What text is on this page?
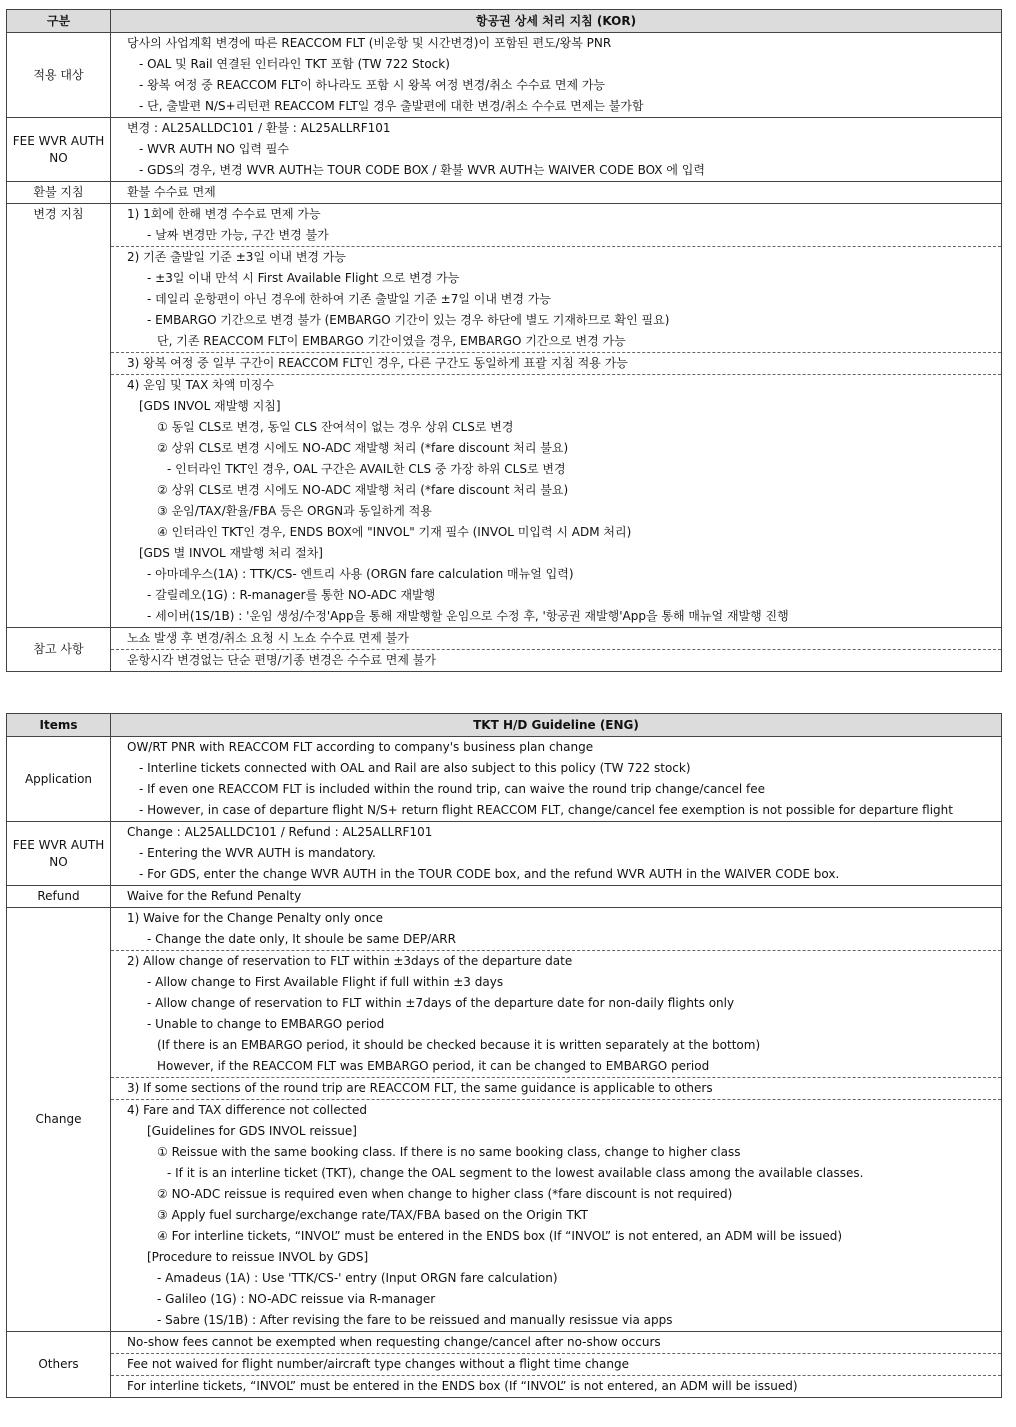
구분	항공권 상세 처리 지침 (KOR)
적용 대상	당사의 사업계획 변경에 따른 REACCOM FLT (비운항 및 시간변경)이 포함된 편도/왕복 PNR
	- OAL 및 Rail 연결된 인터라인 TKT 포함 (TW 722 Stock)
	- 왕복 여정 중 REACCOM FLT이 하나라도 포함 시 왕복 여정 변경/취소 수수료 면제 가능
	- 단, 출발편 N/S+리턴편 REACCOM FLT일 경우 출발편에 대한 변경/취소 수수료 면제는 불가함
FEE WVR AUTH NO	변경 : AL25ALLDC101 / 환불 : AL25ALLRF101
	- WVR AUTH NO 입력 필수
	- GDS의 경우, 변경 WVR AUTH는 TOUR CODE BOX / 환불 WVR AUTH는 WAIVER CODE BOX 에 입력
환불 지침	환불 수수료 면제
변경 지침	1) 1회에 한해 변경 수수료 면제 가능
	- 날짜 변경만 가능, 구간 변경 불가
	2) 기존 출발일 기준 ±3일 이내 변경 가능
	- ±3일 이내 만석 시 First Available Flight 으로 변경 가능
	- 데일리 운항편이 아닌 경우에 한하여 기존 출발일 기준 ±7일 이내 변경 가능
	- EMBARGO 기간으로 변경 불가 (EMBARGO 기간이 있는 경우 하단에 별도 기재하므로 확인 필요)
	단, 기존 REACCOM FLT이 EMBARGO 기간이였을 경우, EMBARGO 기간으로 변경 가능
	3) 왕복 여정 중 일부 구간이 REACCOM FLT인 경우, 다른 구간도 동일하게 표괄 지침 적용 가능
	4) 운임 및 TAX 차액 미징수
	[GDS INVOL 재발행 지침]
	① 동일 CLS로 변경, 동일 CLS 잔여석이 없는 경우 상위 CLS로 변경
	② 상위 CLS로 변경 시에도 NO-ADC 재발행 처리 (*fare discount 처리 불요)
	- 인터라인 TKT인 경우, OAL 구간은 AVAIL한 CLS 중 가장 하위 CLS로 변경
	② 상위 CLS로 변경 시에도 NO-ADC 재발행 처리 (*fare discount 처리 불요)
	③ 운임/TAX/환율/FBA 등은 ORGN과 동일하게 적용
	④ 인터라인 TKT인 경우, ENDS BOX에 "INVOL" 기재 필수 (INVOL 미입력 시 ADM 처리)
	[GDS 별 INVOL 재발행 처리 절차]
	- 아마데우스(1A) : TTK/CS- 엔트리 사용 (ORGN fare calculation 매뉴얼 입력)
	- 갈릴레오(1G) : R-manager를 통한 NO-ADC 재발행
	- 세이버(1S/1B) : '운임 생성/수정'App을 통해 재발행할 운임으로 수정 후, '항공권 재발행'App을 통해 매뉴얼 재발행 진행
참고 사항	노쇼 발생 후 변경/취소 요청 시 노쇼 수수료 면제 불가
	운항시각 변경없는 단순 편명/기종 변경은 수수료 면제 불가
Items	TKT H/D Guideline (ENG)
Application	OW/RT PNR with REACCOM FLT according to company's business plan change
	- Interline tickets connected with OAL and Rail are also subject to this policy (TW 722 stock)
	- If even one REACCOM FLT is included within the round trip, can waive the round trip change/cancel fee
	- However, in case of departure flight N/S+ return flight REACCOM FLT, change/cancel fee exemption is not possible for departure flight
FEE WVR AUTH NO	Change : AL25ALLDC101 / Refund : AL25ALLRF101
	- Entering the WVR AUTH is mandatory.
	- For GDS, enter the change WVR AUTH in the TOUR CODE box, and the refund WVR AUTH in the WAIVER CODE box.
Refund	Waive for the Refund Penalty
Change	1) Waive for the Change Penalty only once
	- Change the date only, It shoule be same DEP/ARR
	2) Allow change of reservation to FLT within ±3days of the departure date
	- Allow change to First Available Flight if full within ±3 days
	- Allow change of reservation to FLT within ±7days of the departure date for non-daily flights only
	- Unable to change to EMBARGO period
	(If there is an EMBARGO period, it should be checked because it is written separately at the bottom)
	However, if the REACCOM FLT was EMBARGO period, it can be changed to EMBARGO period
	3) If some sections of the round trip are REACCOM FLT, the same guidance is applicable to others
	4) Fare and TAX difference not collected
	[Guidelines for GDS INVOL reissue]
	① Reissue with the same booking class. If there is no same booking class, change to higher class
	- If it is an interline ticket (TKT), change the OAL segment to the lowest available class among the available classes.
	② NO-ADC reissue is required even when change to higher class (*fare discount is not required)
	③ Apply fuel surcharge/exchange rate/TAX/FBA based on the Origin TKT
	④ For interline tickets, “INVOL” must be entered in the ENDS box (If “INVOL” is not entered, an ADM will be issued)
	[Procedure to reissue INVOL by GDS]
	- Amadeus (1A) : Use 'TTK/CS-' entry (Input ORGN fare calculation)
	- Galileo (1G) : NO-ADC reissue via R-manager
	- Sabre (1S/1B) : After revising the fare to be reissued and manually resissue via apps
Others	No-show fees cannot be exempted when requesting change/cancel after no-show occurs
	Fee not waived for flight number/aircraft type changes without a flight time change
	For interline tickets, “INVOL” must be entered in the ENDS box (If “INVOL” is not entered, an ADM will be issued)
